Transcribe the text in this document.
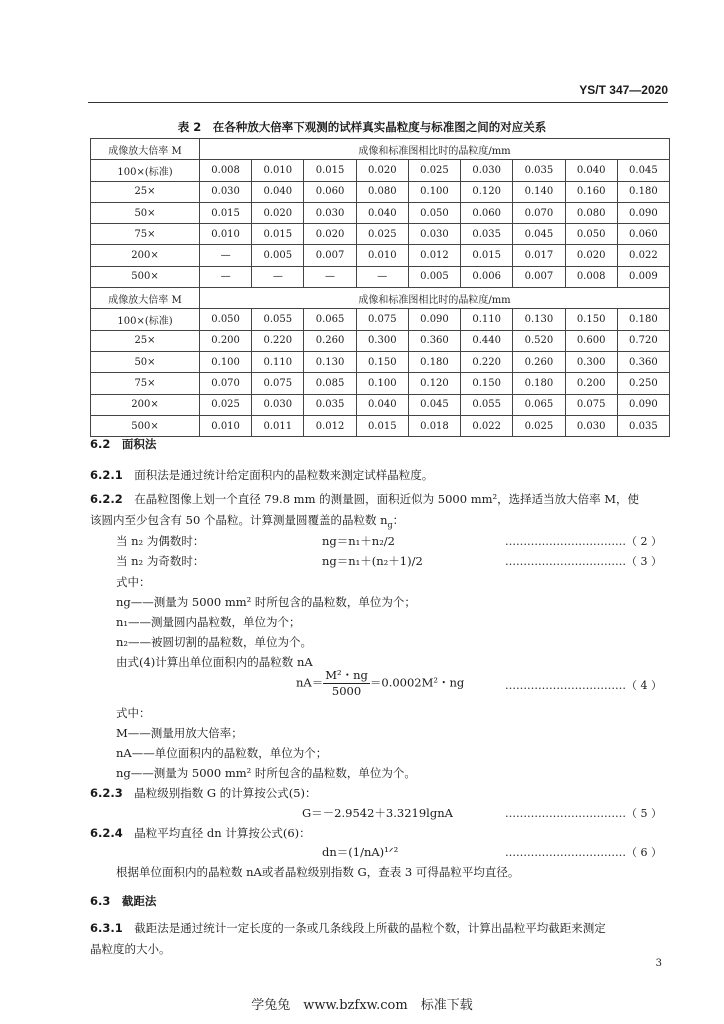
YS/T 347—2020
表 2　在各种放大倍率下观测的试样真实晶粒度与标准图之间的对应关系
成像放大倍率 M	成像和标准图相比时的晶粒度/mm								
100×(标准)	0.008	0.010	0.015	0.020	0.025	0.030	0.035	0.040	0.045
25×	0.030	0.040	0.060	0.080	0.100	0.120	0.140	0.160	0.180
50×	0.015	0.020	0.030	0.040	0.050	0.060	0.070	0.080	0.090
75×	0.010	0.015	0.020	0.025	0.030	0.035	0.045	0.050	0.060
200×	—	0.005	0.007	0.010	0.012	0.015	0.017	0.020	0.022
500×	—	—	—	—	0.005	0.006	0.007	0.008	0.009
成像放大倍率 M	成像和标准图相比时的晶粒度/mm								
100×(标准)	0.050	0.055	0.065	0.075	0.090	0.110	0.130	0.150	0.180
25×	0.200	0.220	0.260	0.300	0.360	0.440	0.520	0.600	0.720
50×	0.100	0.110	0.130	0.150	0.180	0.220	0.260	0.300	0.360
75×	0.070	0.075	0.085	0.100	0.120	0.150	0.180	0.200	0.250
200×	0.025	0.030	0.035	0.040	0.045	0.055	0.065	0.075	0.090
500×	0.010	0.011	0.012	0.015	0.018	0.022	0.025	0.030	0.035
6.2　 面积法
6.2.1　 面积法是通过统计给定面积内的晶粒数来测定试样晶粒度。
6.2.2　 在晶粒图像上划一个直径 79.8 mm 的测量圆，面积近似为 5000 mm²，选择适当放大倍率 M，使
该圆内至少包含有 50 个晶粒。计算测量圆覆盖的晶粒数 $n_g$：
当 n₂ 为偶数时：	ng＝n₁＋n₂/2	……………………………（ 2 ）
当 n₂ 为奇数时：	ng＝n₁＋(n₂＋1)/2	……………………………（ 3 ）
式中：
ng——测量为 5000 mm² 时所包含的晶粒数，单位为个；
n₁——测量圆内晶粒数，单位为个；
n₂——被圆切割的晶粒数，单位为个。
由式(4)计算出单位面积内的晶粒数 nA
$nA= \frac{\text{M²・ng}}{5000} =0.0002M^2$・ng	……………………………（ 4 ）
式中：
M——测量用放大倍率；
nA——单位面积内的晶粒数，单位为个；
ng——测量为 5000 mm² 时所包含的晶粒数，单位为个。
6.2.3　 晶粒级别指数 G 的计算按公式(5)：
G＝－2.9542＋3.3219lgnA	……………………………（ 5 ）
6.2.4　 晶粒平均直径 dn 计算按公式(6)：
dn＝(1/nA)¹ᐟ²	……………………………（ 6 ）
根据单位面积内的晶粒数 nA或者晶粒级别指数 G，查表 3 可得晶粒平均直径。
6.3　 截距法
6.3.1　 截距法是通过统计一定长度的一条或几条线段上所截的晶粒个数，计算出晶粒平均截距来测定
晶粒度的大小。
3
学兔兔　www.bzfxw.com　标准下载
